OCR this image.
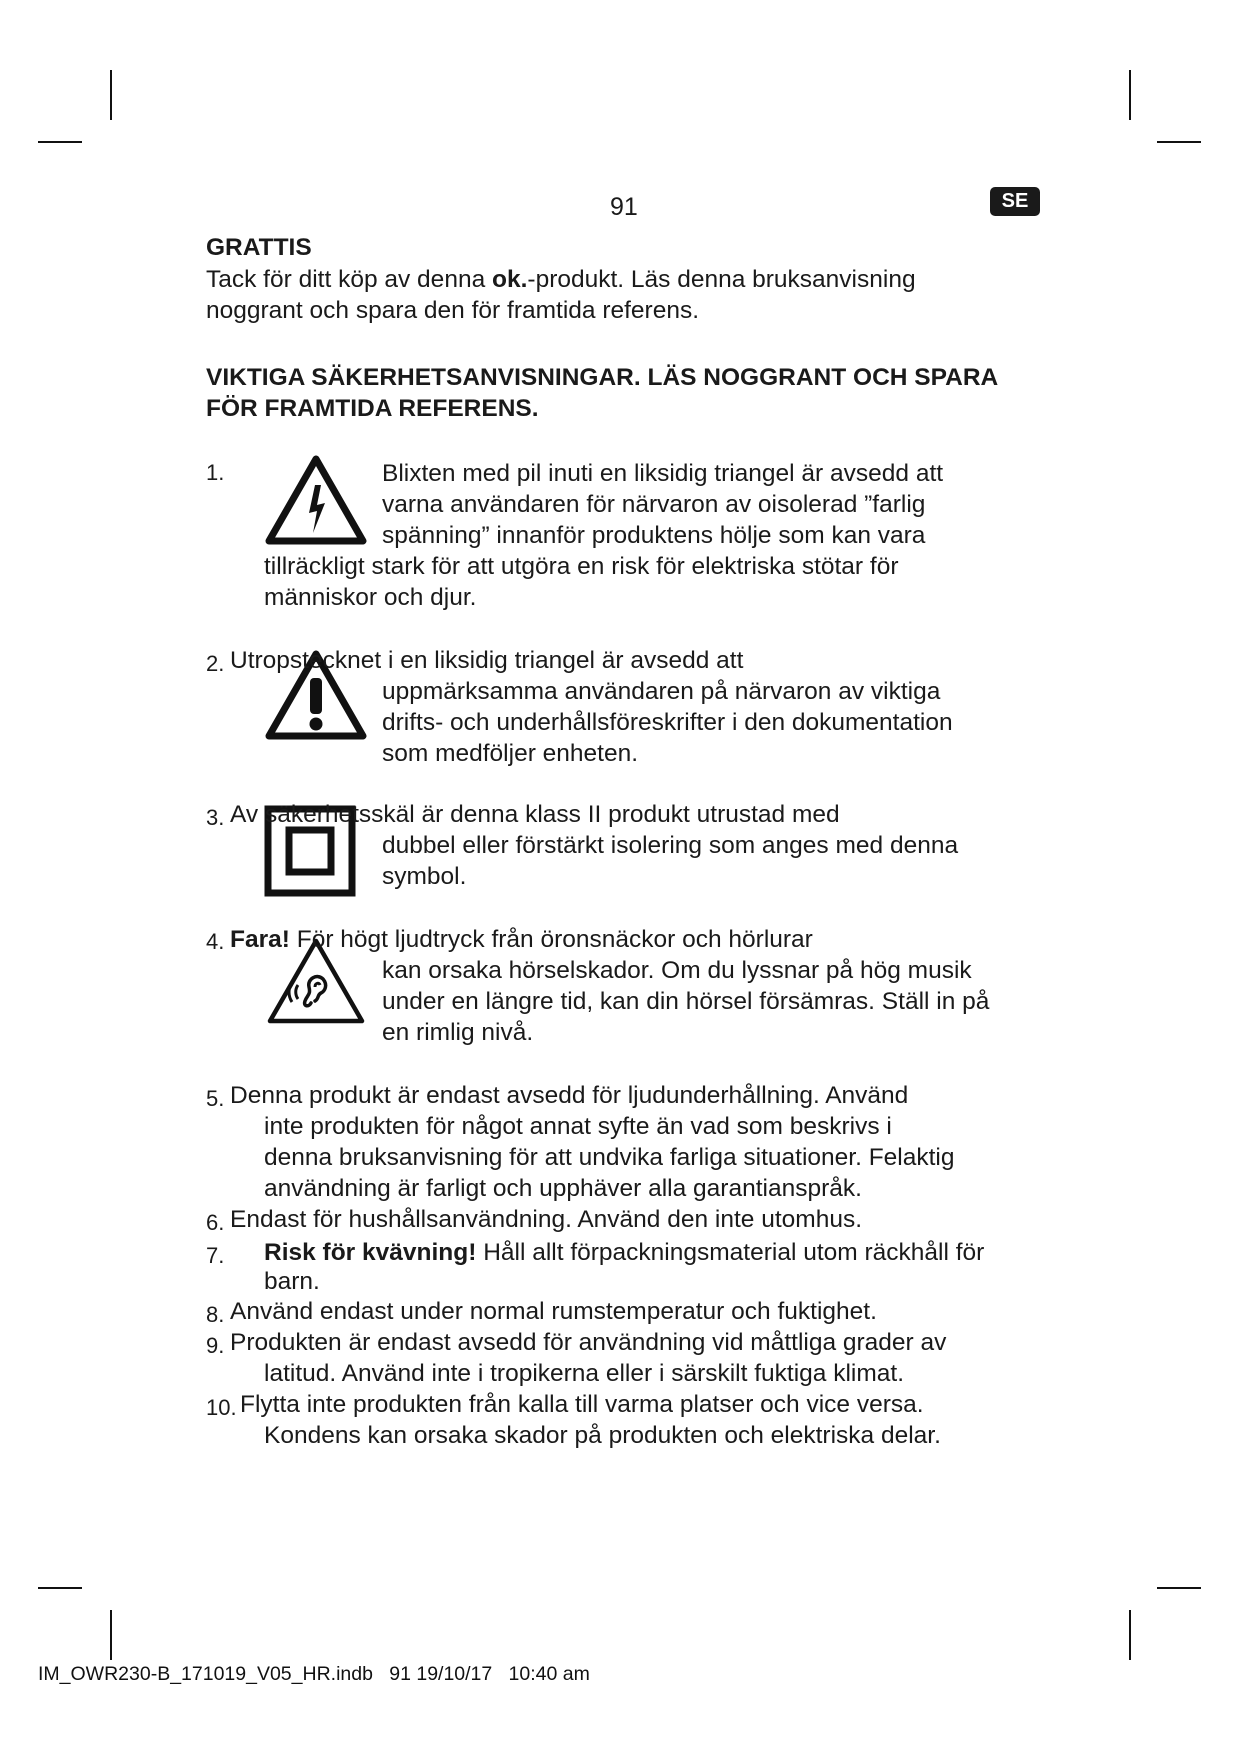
91	SE
GRATTIS
Tack för ditt köp av denna ok.-produkt. Läs denna bruksanvisning
noggrant och spara den för framtida referens.
VIKTIGA SÄKERHETSANVISNINGAR. LÄS NOGGRANT OCH SPARA
FÖR FRAMTIDA REFERENS.
1.	Blixten med pil inuti en liksidig triangel är avsedd att
varna användaren för närvaron av oisolerad ”farlig
spänning” innanför produktens hölje som kan vara
tillräckligt stark för att utgöra en risk för elektriska stötar för
människor och djur.
2. Utropstecknet i en liksidig triangel är avsedd att
uppmärksamma användaren på närvaron av viktiga
drifts- och underhållsföreskrifter i den dokumentation
som medföljer enheten.
3. Av säkerhetsskäl är denna klass II produkt utrustad med
dubbel eller förstärkt isolering som anges med denna
symbol.
4. Fara! För högt ljudtryck från öronsnäckor och hörlurar
kan orsaka hörselskador. Om du lyssnar på hög musik
under en längre tid, kan din hörsel försämras. Ställ in på
en rimlig nivå.
5. Denna produkt är endast avsedd för ljudunderhållning. Använd
inte produkten för något annat syfte än vad som beskrivs i
denna bruksanvisning för att undvika farliga situationer. Felaktig
användning är farligt och upphäver alla garantianspråk.
6. Endast för hushållsanvändning. Använd den inte utomhus.
7. Risk för kvävning! Håll allt förpackningsmaterial utom räckhåll för
barn.
8. Använd endast under normal rumstemperatur och fuktighet.
9. Produkten är endast avsedd för användning vid måttliga grader av
latitud. Använd inte i tropikerna eller i särskilt fuktiga klimat.
10. Flytta inte produkten från kalla till varma platser och vice versa.
Kondens kan orsaka skador på produkten och elektriska delar.
IM_OWR230-B_171019_V05_HR.indb 91 19/10/17 10:40 am
